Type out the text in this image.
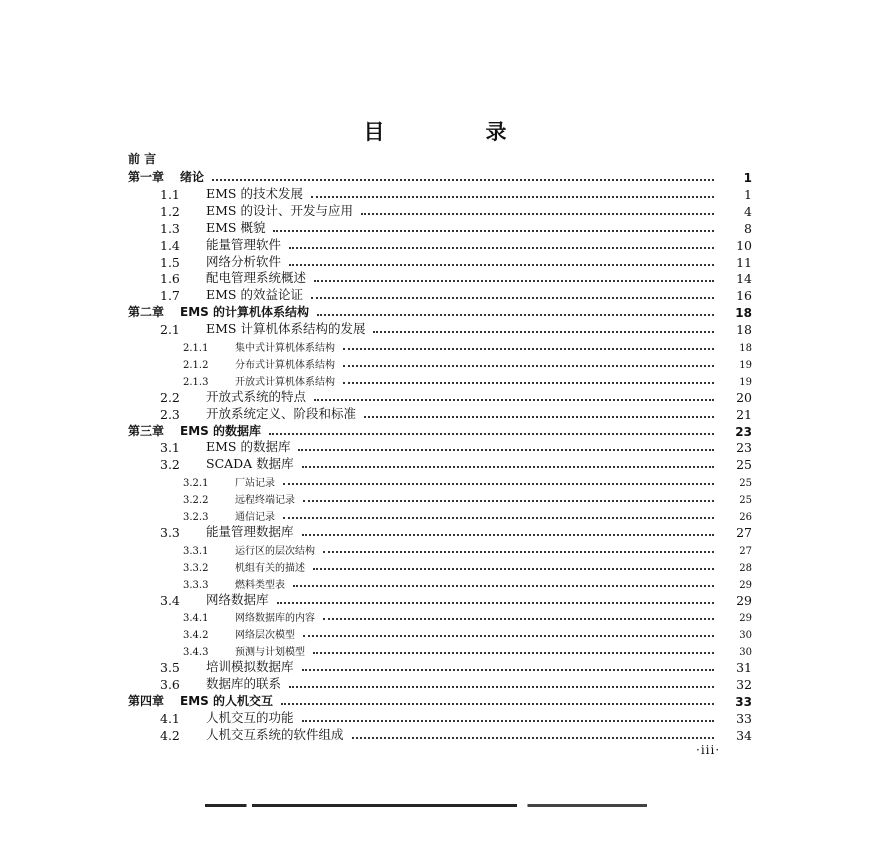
目　录
前 言
第一章 绪论	1
1.1	EMS 的技术发展	1
1.2	EMS 的设计、开发与应用	4
1.3	EMS 概貌	8
1.4	能量管理软件	10
1.5	网络分析软件	11
1.6	配电管理系统概述	14
1.7	EMS 的效益论证	16
第二章 EMS 的计算机体系结构	18
2.1	EMS 计算机体系结构的发展	18
2.1.1	集中式计算机体系结构	18
2.1.2	分布式计算机体系结构	19
2.1.3	开放式计算机体系结构	19
2.2	开放式系统的特点	20
2.3	开放系统定义、阶段和标准	21
第三章 EMS 的数据库	23
3.1	EMS 的数据库	23
3.2	SCADA 数据库	25
3.2.1	厂站记录	25
3.2.2	远程终端记录	25
3.2.3	通信记录	26
3.3	能量管理数据库	27
3.3.1	运行区的层次结构	27
3.3.2	机组有关的描述	28
3.3.3	燃料类型表	29
3.4	网络数据库	29
3.4.1	网络数据库的内容	29
3.4.2	网络层次模型	30
3.4.3	预测与计划模型	30
3.5	培训模拟数据库	31
3.6	数据库的联系	32
第四章 EMS 的人机交互	33
4.1	人机交互的功能	33
4.2	人机交互系统的软件组成	34
·iii·
